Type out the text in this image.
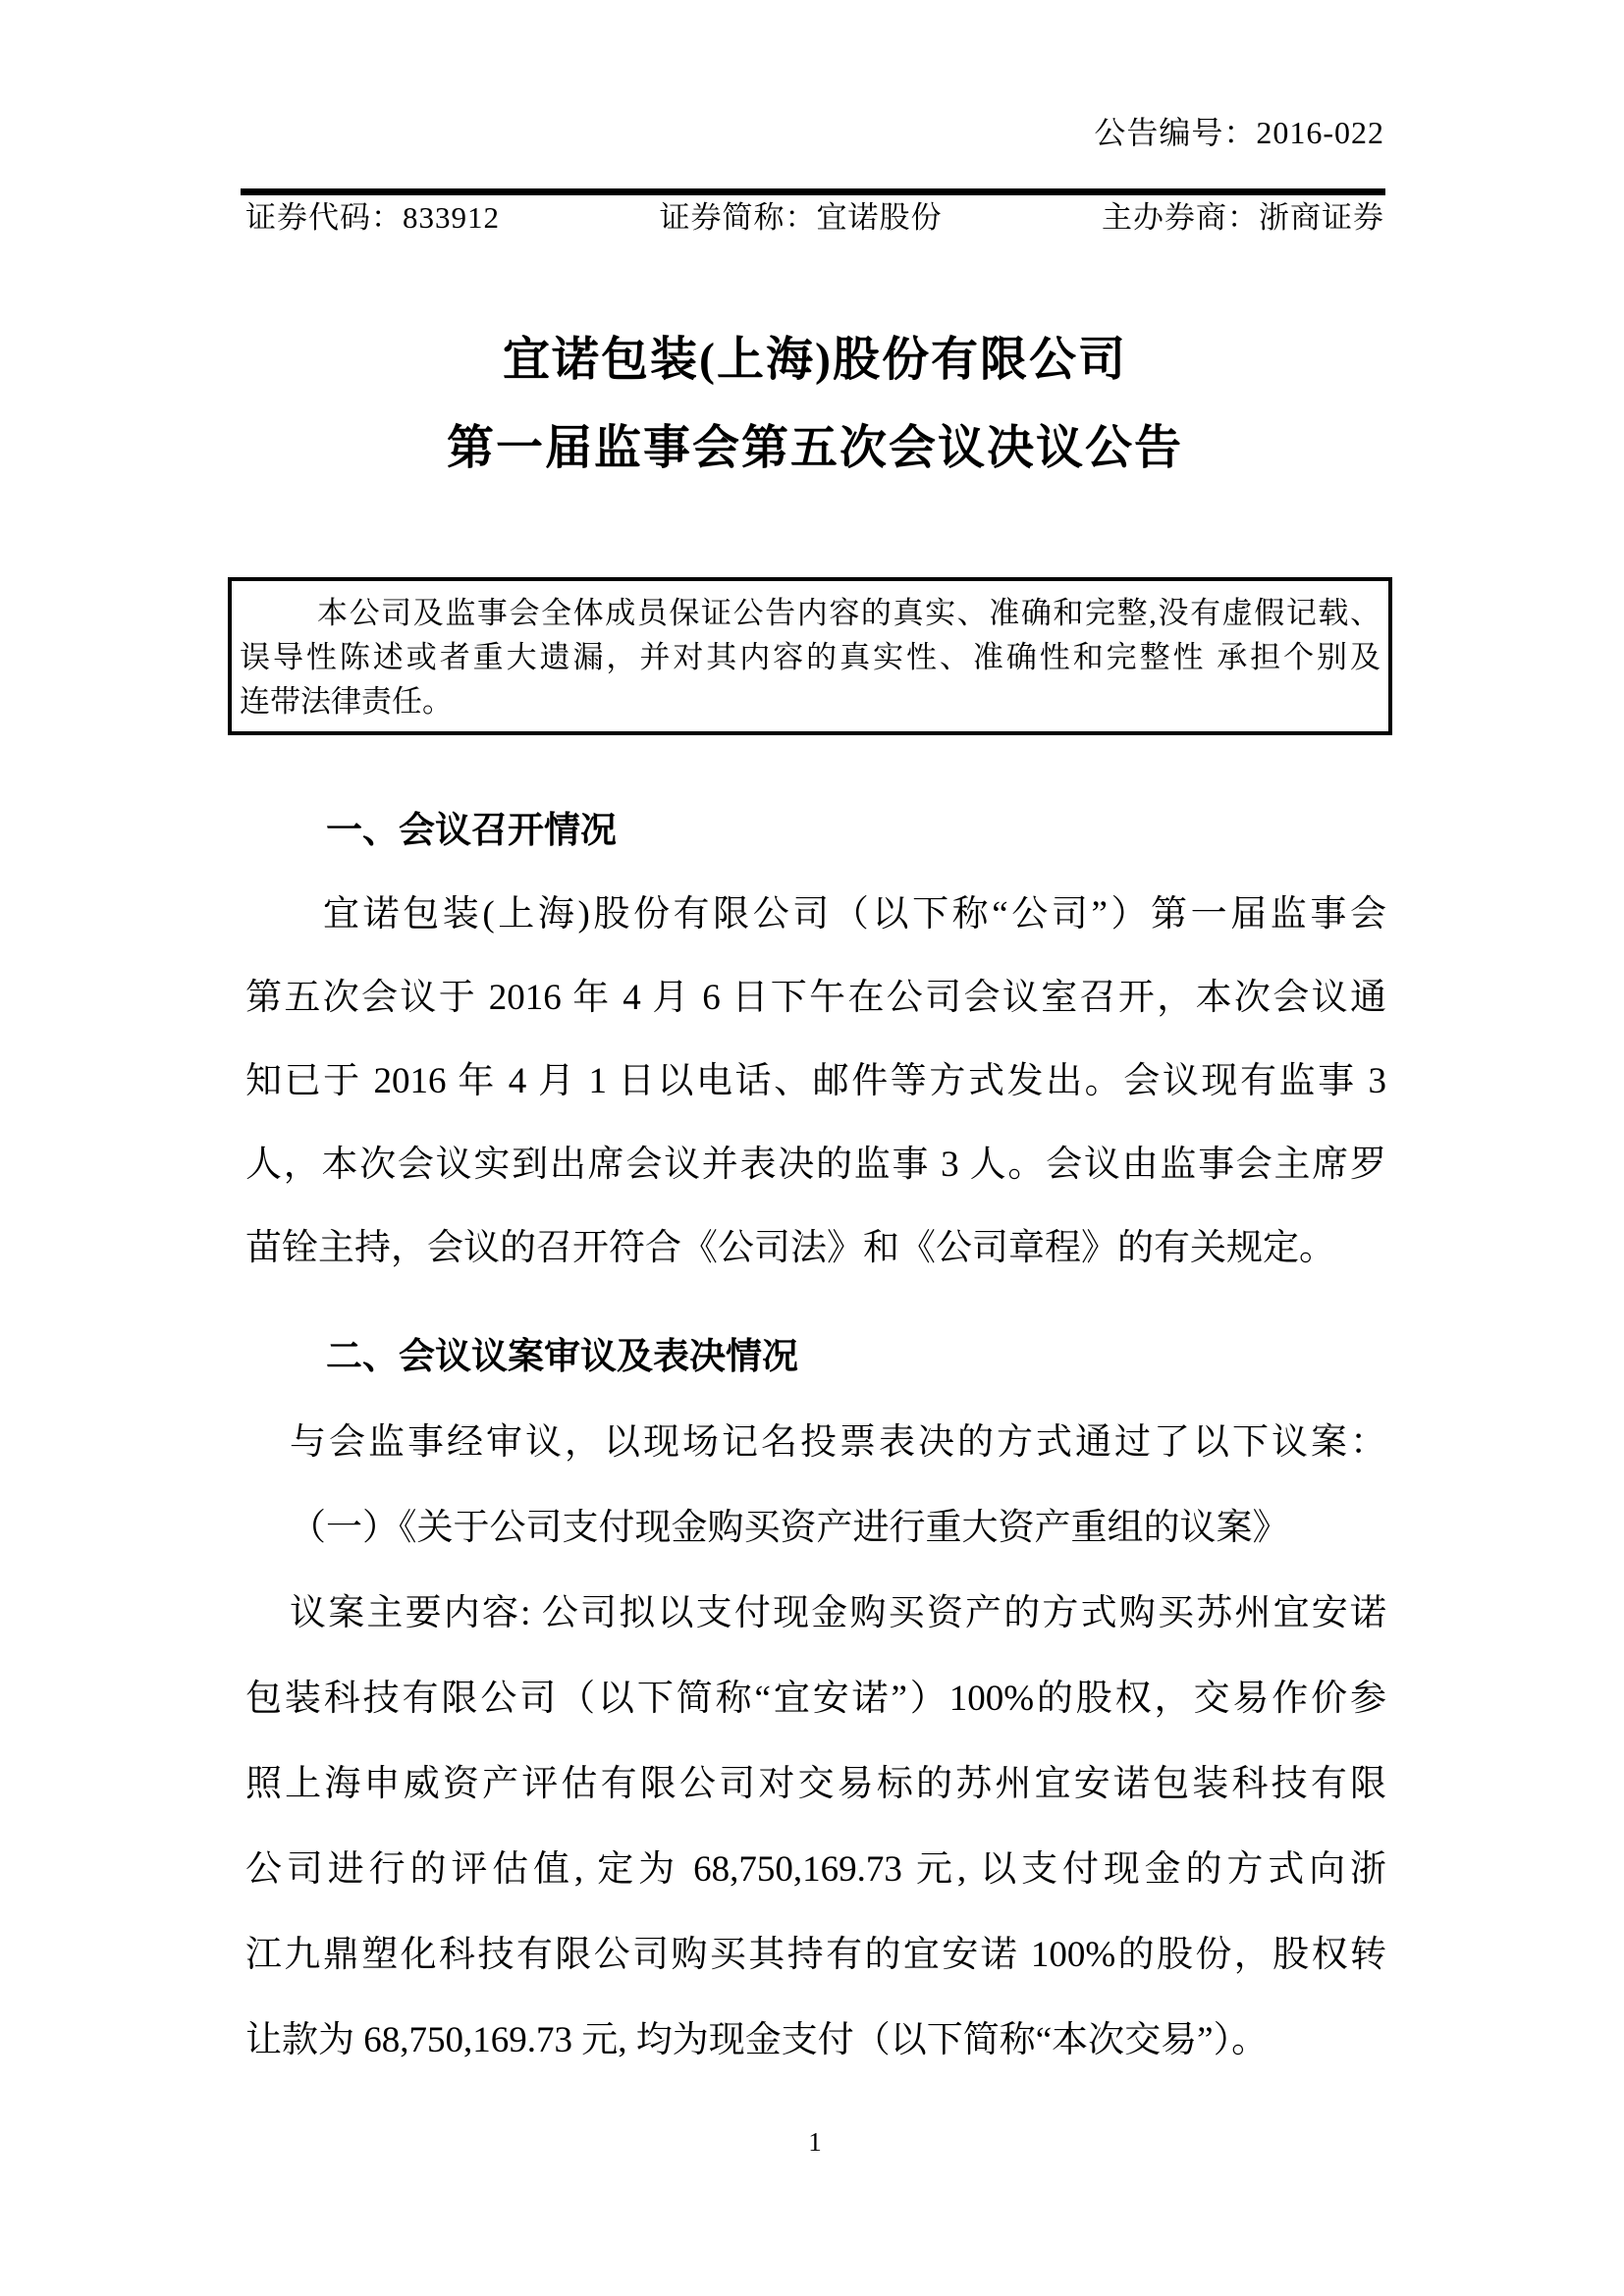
公告编号：2016-022
证券代码：833912	证券简称：宜诺股份	主办券商：浙商证券
宜诺包装(上海)股份有限公司
第一届监事会第五次会议决议公告
本公司及监事会全体成员保证公告内容的真实、准确和完整,没有虚假记载、
误导性陈述或者重大遗漏，并对其内容的真实性、准确性和完整性 承担个别及
连带法律责任。
一、会议召开情况
宜诺包装(上海)股份有限公司（以下称“公司”）第一届监事会
第五次会议于 2016 年 4 月 6 日下午在公司会议室召开，本次会议通
知已于 2016 年 4 月 1 日以电话、邮件等方式发出。会议现有监事 3
人，本次会议实到出席会议并表决的监事 3 人。会议由监事会主席罗
苗铨主持，会议的召开符合《公司法》和《公司章程》的有关规定。
二、会议议案审议及表决情况
与会监事经审议，以现场记名投票表决的方式通过了以下议案：
（一）《关于公司支付现金购买资产进行重大资产重组的议案》
议案主要内容: 公司拟以支付现金购买资产的方式购买苏州宜安诺
包装科技有限公司（以下简称“宜安诺”）100%的股权，交易作价参
照上海申威资产评估有限公司对交易标的苏州宜安诺包装科技有限
公司进行的评估值, 定为 68,750,169.73 元, 以支付现金的方式向浙
江九鼎塑化科技有限公司购买其持有的宜安诺 100%的股份，股权转
让款为 68,750,169.73 元, 均为现金支付（以下简称“本次交易”）。
1
